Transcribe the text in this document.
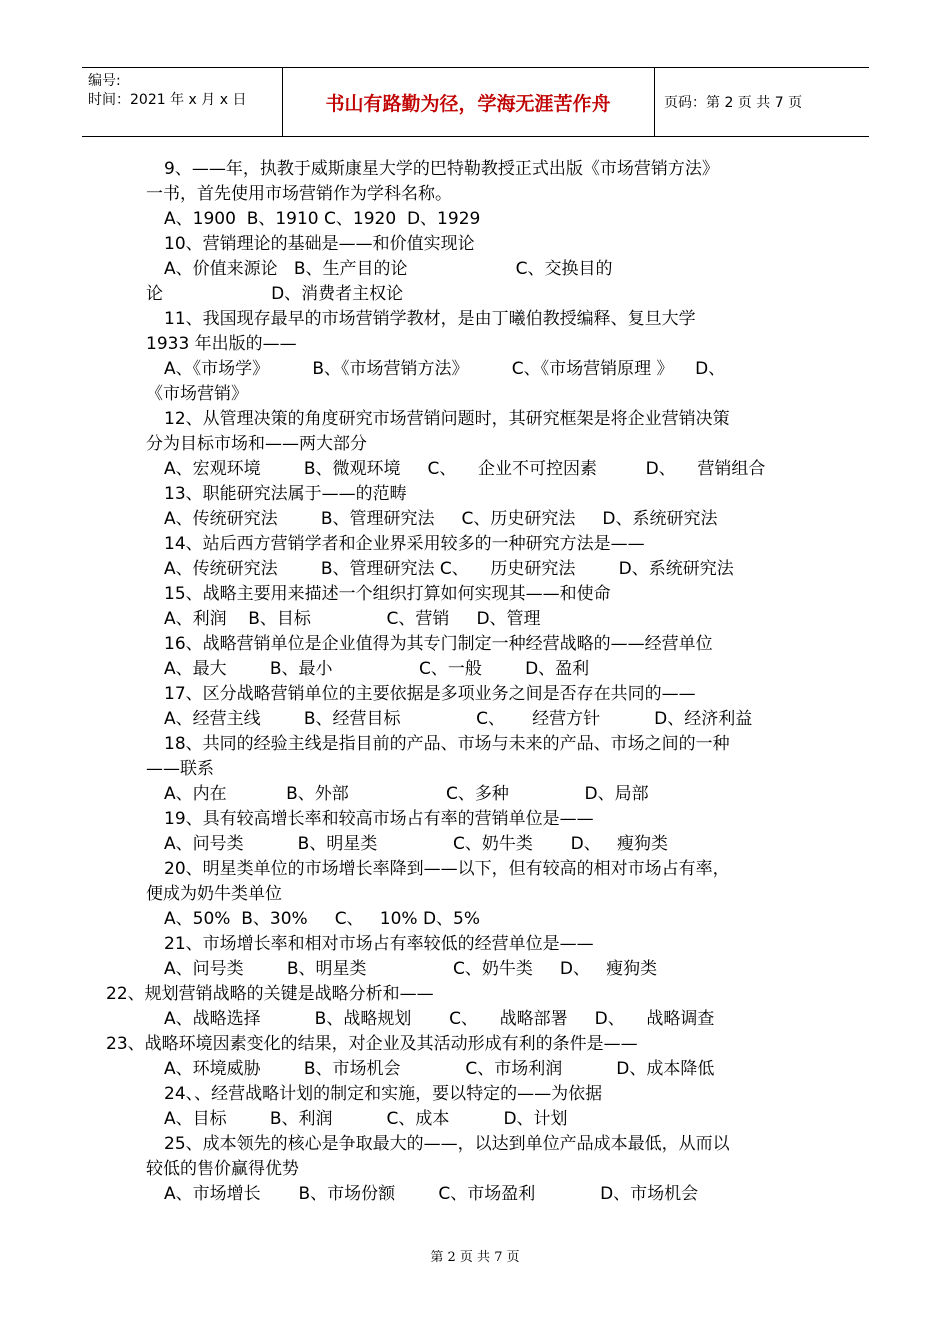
编号:
时间：2021 年 x 月 x 日	书山有路勤为径，学海无涯苦作舟	页码：第 2 页 共 7 页
9、——年，执教于威斯康星大学的巴特勒教授正式出版《市场营销方法》
一书，首先使用市场营销作为学科名称。
A、1900  B、1910 C、1920  D、1929
10、营销理论的基础是——和价值实现论
A、价值来源论   B、生产目的论                    C、交换目的
论                    D、消费者主权论
11、我国现存最早的市场营销学教材，是由丁曦伯教授编释、复旦大学
1933 年出版的——
A、《市场学》        B、《市场营销方法》        C、《市场营销原理 》    D、
《市场营销》
12、从管理决策的角度研究市场营销问题时，其研究框架是将企业营销决策
分为目标市场和——两大部分
A、宏观环境        B、微观环境     C、    企业不可控因素         D、    营销组合
13、职能研究法属于——的范畴
A、传统研究法        B、管理研究法     C、历史研究法     D、系统研究法
14、站后西方营销学者和企业界采用较多的一种研究方法是——
A、传统研究法        B、管理研究法 C、    历史研究法        D、系统研究法
15、战略主要用来描述一个组织打算如何实现其——和使命
A、利润    B、目标              C、营销     D、管理
16、战略营销单位是企业值得为其专门制定一种经营战略的——经营单位
A、最大        B、最小                C、一般        D、盈利
17、区分战略营销单位的主要依据是多项业务之间是否存在共同的——
A、经营主线        B、经营目标              C、     经营方针          D、经济利益
18、共同的经验主线是指目前的产品、市场与未来的产品、市场之间的一种
——联系
A、内在           B、外部                  C、多种              D、局部
19、具有较高增长率和较高市场占有率的营销单位是——
A、问号类          B、明星类              C、奶牛类       D、   瘦狗类
20、明星类单位的市场增长率降到——以下，但有较高的相对市场占有率，
便成为奶牛类单位
A、50%  B、30%     C、   10% D、5%
21、市场增长率和相对市场占有率较低的经营单位是——
A、问号类        B、明星类                C、奶牛类     D、   瘦狗类
22、规划营销战略的关键是战略分析和——
A、战略选择          B、战略规划       C、    战略部署     D、    战略调查
23、战略环境因素变化的结果，对企业及其活动形成有利的条件是——
A、环境威胁        B、市场机会            C、市场利润          D、成本降低
24、、经营战略计划的制定和实施，要以特定的——为依据
A、目标        B、利润          C、成本          D、计划
25、成本领先的核心是争取最大的——，以达到单位产品成本最低，从而以
较低的售价赢得优势
A、市场增长       B、市场份额        C、市场盈利            D、市场机会
第 2 页 共 7 页
